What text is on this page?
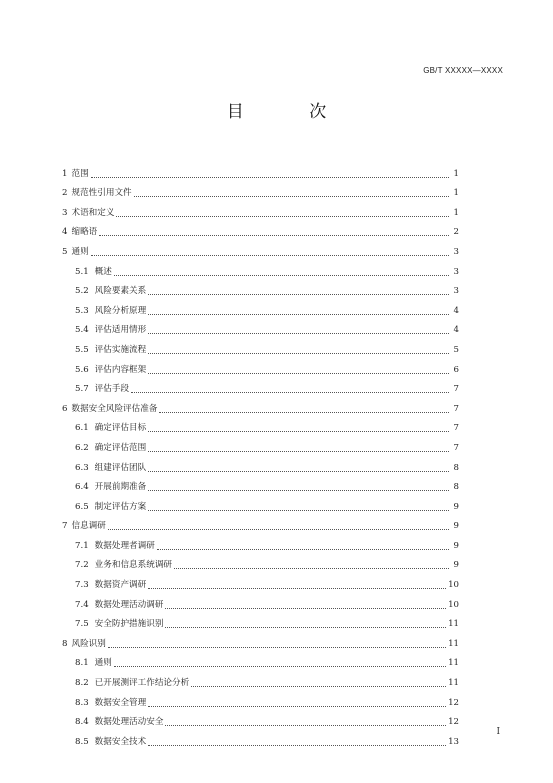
GB/T XXXXX—XXXX
目 次
1 范围	1
2 规范性引用文件	1
3 术语和定义	1
4 缩略语	2
5 通则	3
5.1 概述	3
5.2 风险要素关系	3
5.3 风险分析原理	4
5.4 评估适用情形	4
5.5 评估实施流程	5
5.6 评估内容框架	6
5.7 评估手段	7
6 数据安全风险评估准备	7
6.1 确定评估目标	7
6.2 确定评估范围	7
6.3 组建评估团队	8
6.4 开展前期准备	8
6.5 制定评估方案	9
7 信息调研	9
7.1 数据处理者调研	9
7.2 业务和信息系统调研	9
7.3 数据资产调研	10
7.4 数据处理活动调研	10
7.5 安全防护措施识别	11
8 风险识别	11
8.1 通则	11
8.2 已开展测评工作结论分析	11
8.3 数据安全管理	12
8.4 数据处理活动安全	12
8.5 数据安全技术	13
I
